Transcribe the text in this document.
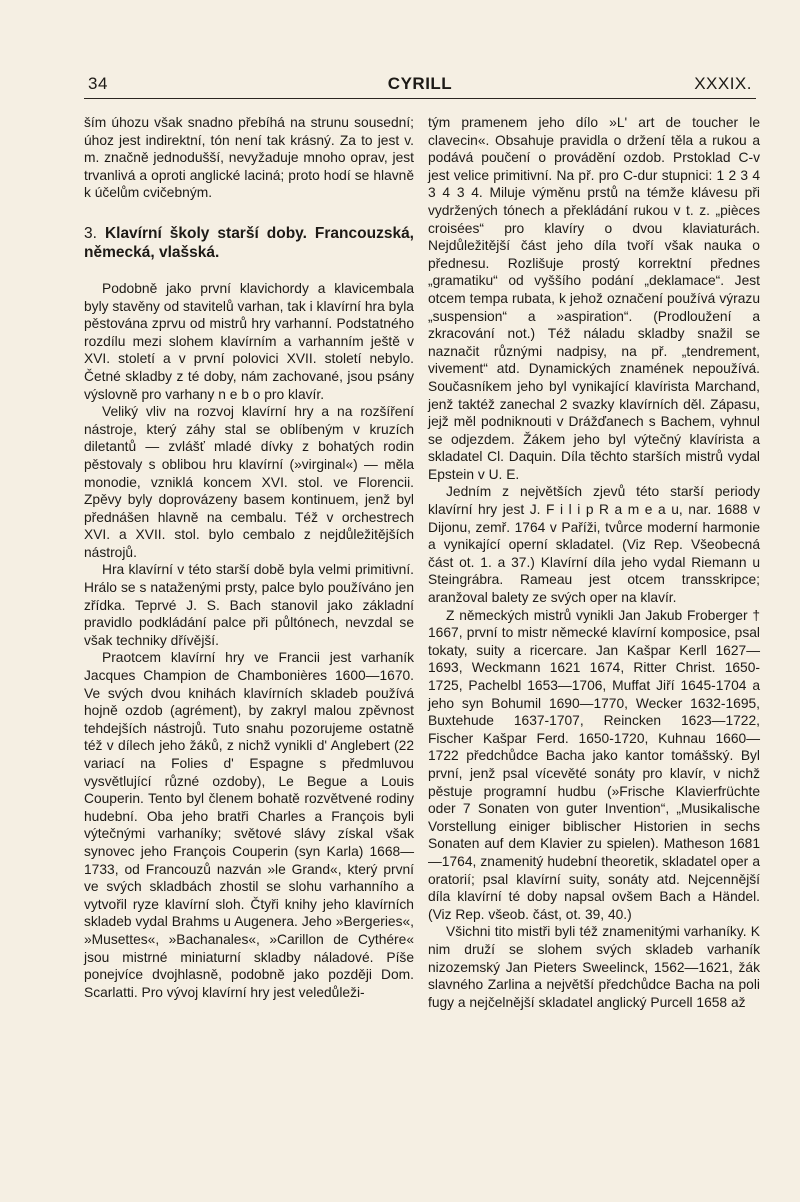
34	CYRILL	XXXIX.

ším úhozu však snadno přebíhá na strunu sousední; úhoz jest indirektní, tón není tak krásný. Za to jest v. m. značně jednodušší, nevyžaduje mnoho oprav, jest trvanlivá a oproti anglické laciná; proto hodí se hlavně k účelům cvičebným.

3. Klavírní školy starší doby. Francouzská, německá, vlašská.

Podobně jako první klavichordy a klavicembala byly stavěny od stavitelů varhan, tak i klavírní hra byla pěstována zprvu od mistrů hry varhanní. Podstatného rozdílu mezi slohem klavírním a varhanním ještě v XVI. století a v první polovici XVII. století nebylo. Četné skladby z té doby, nám zachované, jsou psány výslovně pro varhany n e b o pro klavír.

Veliký vliv na rozvoj klavírní hry a na rozšíření nástroje, který záhy stal se oblíbeným v kruzích diletantů — zvlášť mladé dívky z bohatých rodin pěstovaly s oblibou hru klavírní (»virginal«) — měla monodie, vzniklá koncem XVI. stol. ve Florencii. Zpěvy byly doprovázeny basem kontinuem, jenž byl přednášen hlavně na cembalu. Též v orchestrech XVI. a XVII. stol. bylo cembalo z nejdůležitějších nástrojů.

Hra klavírní v této starší době byla velmi primitivní. Hrálo se s nataženými prsty, palce bylo používáno jen zřídka. Teprvé J. S. Bach stanovil jako základní pravidlo podkládání palce při půltónech, nevzdal se však techniky dřívější.

Praotcem klavírní hry ve Francii jest varhaník Jacques Champion de Chambonières 1600—1670. Ve svých dvou knihách klavírních skladeb používá hojně ozdob (agrément), by zakryl malou zpěvnost tehdejších nástrojů. Tuto snahu pozorujeme ostatně též v dílech jeho žáků, z nichž vynikli d' Anglebert (22 variací na Folies d' Espagne s předmluvou vysvětlující různé ozdoby), Le Begue a Louis Couperin. Tento byl členem bohatě rozvětvené rodiny hudební. Oba jeho bratři Charles a François byli výtečnými varhaníky; světové slávy získal však synovec jeho François Couperin (syn Karla) 1668—1733, od Francouzů nazván »le Grand«, který první ve svých skladbách zhostil se slohu varhanního a vytvořil ryze klavírní sloh. Čtyři knihy jeho klavírních skladeb vydal Brahms u Augenera. Jeho »Bergeries«, »Musettes«, »Bachanales«, »Carillon de Cythére« jsou mistrné miniaturní skladby náladové. Píše ponejvíce dvojhlasně, podobně jako později Dom. Scarlatti. Pro vývoj klavírní hry jest veledůleži-

tým pramenem jeho dílo »L' art de toucher le clavecin«. Obsahuje pravidla o držení těla a rukou a podává poučení o provádění ozdob. Prstoklad C-v jest velice primitivní. Na př. pro C-dur stupnici: 1 2 3 4 3 4 3 4. Miluje výměnu prstů na témže klávesu při vydržených tónech a překládání rukou v t. z. „pièces croisées“ pro klavíry o dvou klaviaturách. Nejdůležitější část jeho díla tvoří však nauka o přednesu. Rozlišuje prostý korrektní přednes „gramatiku“ od vyššího podání „deklamace“. Jest otcem tempa rubata, k jehož označení používá výrazu „suspension“ a »aspiration“. (Prodloužení a zkracování not.) Též náladu skladby snažil se naznačit různými nadpisy, na př. „tendrement, vivement“ atd. Dynamických znamének nepoužívá. Současníkem jeho byl vynikající klavírista Marchand, jenž taktéž zanechal 2 svazky klavírních děl. Zápasu, jejž měl podniknouti v Drážďanech s Bachem, vyhnul se odjezdem. Žákem jeho byl výtečný klavírista a skladatel Cl. Daquin. Díla těchto starších mistrů vydal Epstein v U. E.

Jedním z největších zjevů této starší periody klavírní hry jest J. F i l i p R a m e a u, nar. 1688 v Dijonu, zemř. 1764 v Paříži, tvůrce moderní harmonie a vynikající operní skladatel. (Viz Rep. Všeobecná část ot. 1. a 37.) Klavírní díla jeho vydal Riemann u Steingrábra. Rameau jest otcem transskripce; aranžoval balety ze svých oper na klavír.

Z německých mistrů vynikli Jan Jakub Froberger † 1667, první to mistr německé klavírní komposice, psal tokaty, suity a ricercare. Jan Kašpar Kerll 1627—1693, Weckmann 1621 1674, Ritter Christ. 1650-1725, Pachelbl 1653—1706, Muffat Jiří 1645-1704 a jeho syn Bohumil 1690—1770, Wecker 1632-1695, Buxtehude 1637-1707, Reincken 1623—1722, Fischer Kašpar Ferd. 1650-1720, Kuhnau 1660—1722 předchůdce Bacha jako kantor tomášský. Byl první, jenž psal vícevěté sonáty pro klavír, v nichž pěstuje programní hudbu (»Frische Klavierfrüchte oder 7 Sonaten von guter Invention“, „Musikalische Vorstellung einiger biblischer Historien in sechs Sonaten auf dem Klavier zu spielen). Matheson 1681—1764, znamenitý hudební theoretik, skladatel oper a oratorií; psal klavírní suity, sonáty atd. Nejcennější díla klavírní té doby napsal ovšem Bach a Händel. (Viz Rep. všeob. část, ot. 39, 40.)

Všichni tito mistři byli též znamenitými varhaníky. K nim druží se slohem svých skladeb varhaník nizozemský Jan Pieters Sweelinck, 1562—1621, žák slavného Zarlina a největší předchůdce Bacha na poli fugy a nejčelnější skladatel anglický Purcell 1658 až
